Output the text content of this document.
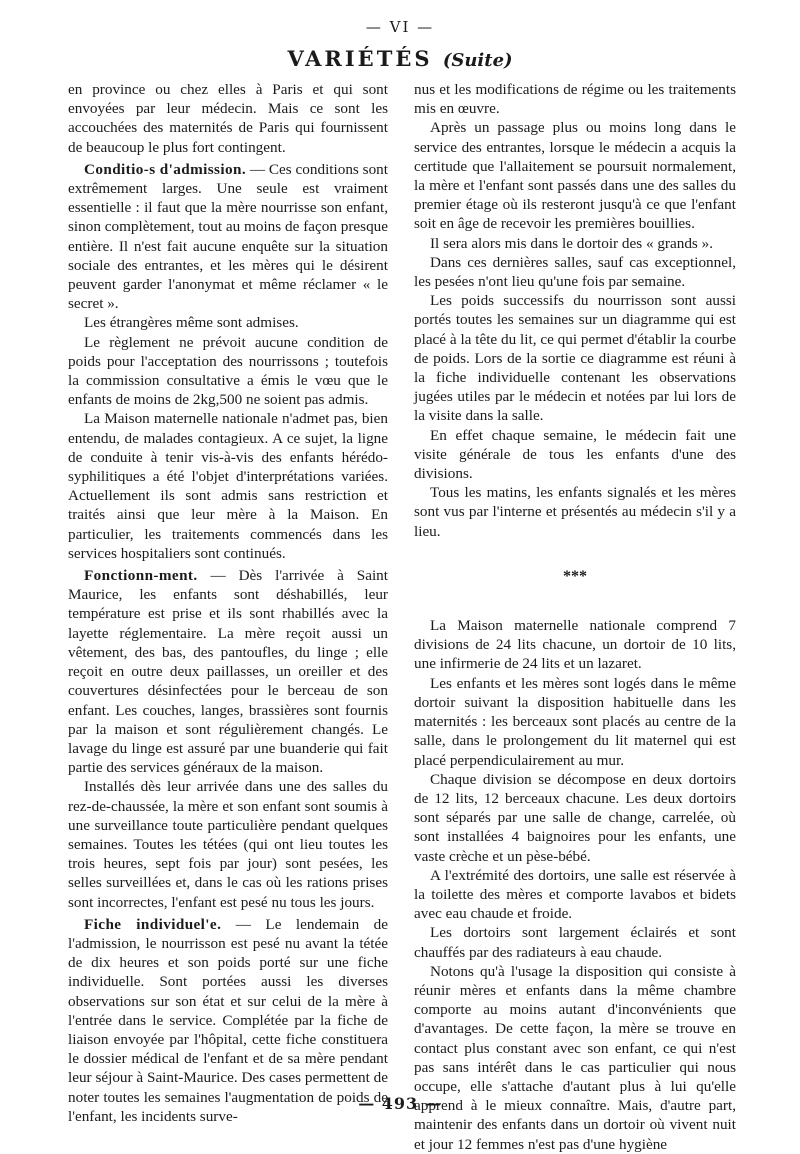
— VI —
VARIÉTÉS (Suite)

en province ou chez elles à Paris et qui sont envoyées par leur médecin. Mais ce sont les accouchées des maternités de Paris qui fournissent de beaucoup le plus fort contingent.

Conditio-s d'admission. — Ces conditions sont extrêmement larges. Une seule est vraiment essentielle : il faut que la mère nourrisse son enfant, sinon complètement, tout au moins de façon presque entière. Il n'est fait aucune enquête sur la situation sociale des entrantes, et les mères qui le désirent peuvent garder l'anonymat et même réclamer « le secret ».

Les étrangères même sont admises.

Le règlement ne prévoit aucune condition de poids pour l'acceptation des nourrissons ; toutefois la commission consultative a émis le vœu que le enfants de moins de 2kg,500 ne soient pas admis.

La Maison maternelle nationale n'admet pas, bien entendu, de malades contagieux. A ce sujet, la ligne de conduite à tenir vis-à-vis des enfants hérédo-syphilitiques a été l'objet d'interprétations variées. Actuellement ils sont admis sans restriction et traités ainsi que leur mère à la Maison. En particulier, les traitements commencés dans les services hospitaliers sont continués.

Fonctionn-ment. — Dès l'arrivée à Saint Maurice, les enfants sont déshabillés, leur température est prise et ils sont rhabillés avec la layette réglementaire. La mère reçoit aussi un vêtement, des bas, des pantoufles, du linge ; elle reçoit en outre deux paillasses, un oreiller et des couvertures désinfectées pour le berceau de son enfant. Les couches, langes, brassières sont fournis par la maison et sont régulièrement changés. Le lavage du linge est assuré par une buanderie qui fait partie des services généraux de la maison.

Installés dès leur arrivée dans une des salles du rez-de-chaussée, la mère et son enfant sont soumis à une surveillance toute particulière pendant quelques semaines. Toutes les tétées (qui ont lieu toutes les trois heures, sept fois par jour) sont pesées, les selles surveillées et, dans le cas où les rations prises sont incorrectes, l'enfant est pesé nu tous les jours.

Fiche individuel'e. — Le lendemain de l'admission, le nourrisson est pesé nu avant la tétée de dix heures et son poids porté sur une fiche individuelle. Sont portées aussi les diverses observations sur son état et sur celui de la mère à l'entrée dans le service. Complétée par la fiche de liaison envoyée par l'hôpital, cette fiche constituera le dossier médical de l'enfant et de sa mère pendant leur séjour à Saint-Maurice. Des cases permettent de noter toutes les semaines l'augmentation de poids de l'enfant, les incidents surve-

nus et les modifications de régime ou les traitements mis en œuvre.

Après un passage plus ou moins long dans le service des entrantes, lorsque le médecin a acquis la certitude que l'allaitement se poursuit normalement, la mère et l'enfant sont passés dans une des salles du premier étage où ils resteront jusqu'à ce que l'enfant soit en âge de recevoir les premières bouillies.

Il sera alors mis dans le dortoir des « grands ».

Dans ces dernières salles, sauf cas exceptionnel, les pesées n'ont lieu qu'une fois par semaine.

Les poids successifs du nourrisson sont aussi portés toutes les semaines sur un diagramme qui est placé à la tête du lit, ce qui permet d'établir la courbe de poids. Lors de la sortie ce diagramme est réuni à la fiche individuelle contenant les observations jugées utiles par le médecin et notées par lui lors de la visite dans la salle.

En effet chaque semaine, le médecin fait une visite générale de tous les enfants d'une des divisions.

Tous les matins, les enfants signalés et les mères sont vus par l'interne et présentés au médecin s'il y a lieu.

***

La Maison maternelle nationale comprend 7 divisions de 24 lits chacune, un dortoir de 10 lits, une infirmerie de 24 lits et un lazaret.

Les enfants et les mères sont logés dans le même dortoir suivant la disposition habituelle dans les maternités : les berceaux sont placés au centre de la salle, dans le prolongement du lit maternel qui est placé perpendiculairement au mur.

Chaque division se décompose en deux dortoirs de 12 lits, 12 berceaux chacune. Les deux dortoirs sont séparés par une salle de change, carrelée, où sont installées 4 baignoires pour les enfants, une vaste crèche et un pèse-bébé.

A l'extrémité des dortoirs, une salle est réservée à la toilette des mères et comporte lavabos et bidets avec eau chaude et froide.

Les dortoirs sont largement éclairés et sont chauffés par des radiateurs à eau chaude.

Notons qu'à l'usage la disposition qui consiste à réunir mères et enfants dans la même chambre comporte au moins autant d'inconvénients que d'avantages. De cette façon, la mère se trouve en contact plus constant avec son enfant, ce qui n'est pas sans intérêt dans le cas particulier qui nous occupe, elle s'attache d'autant plus à lui qu'elle apprend à le mieux connaître. Mais, d'autre part, maintenir des enfants dans un dortoir où vivent nuit et jour 12 femmes n'est pas d'une hygiène

— 493 —
